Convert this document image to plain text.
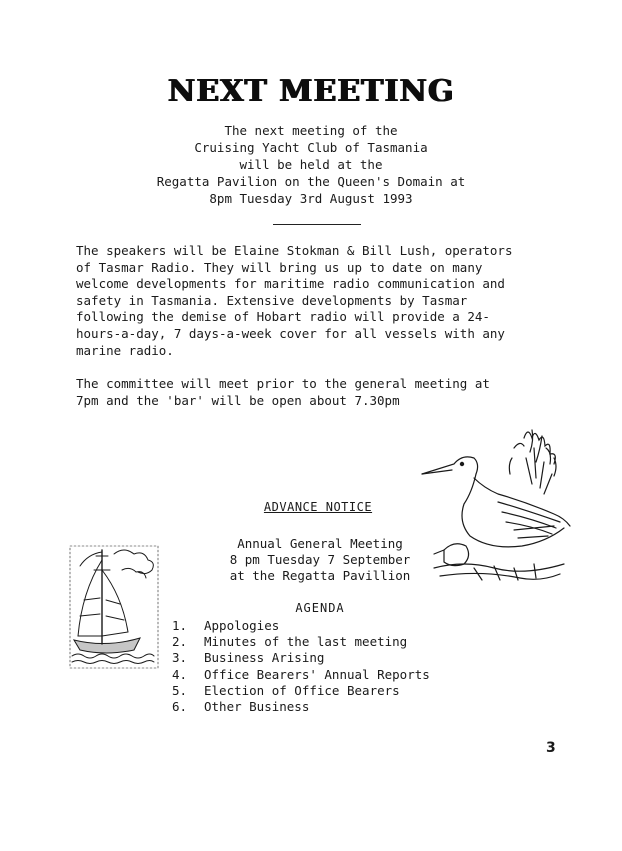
NEXT MEETING
The next meeting of the
Cruising Yacht Club of Tasmania
will be held at the
Regatta Pavilion on the Queen's Domain at
8pm Tuesday 3rd August 1993
The speakers will be Elaine Stokman & Bill Lush, operators
of Tasmar Radio. They will bring us up to date on many
welcome developments for maritime radio communication and
safety in Tasmania. Extensive developments by Tasmar
following the demise of Hobart radio will provide a 24-
hours-a-day, 7 days-a-week cover for all vessels with any
marine radio.
The committee will meet prior to the general meeting at
7pm and the 'bar' will be open about 7.30pm
ADVANCE NOTICE
Annual General Meeting
8 pm Tuesday 7 September
at the Regatta Pavillion
AGENDA
1.	Appologies
2.	Minutes of the last meeting
3.	Business Arising
4.	Office Bearers' Annual Reports
5.	Election of Office Bearers
6.	Other Business
3
